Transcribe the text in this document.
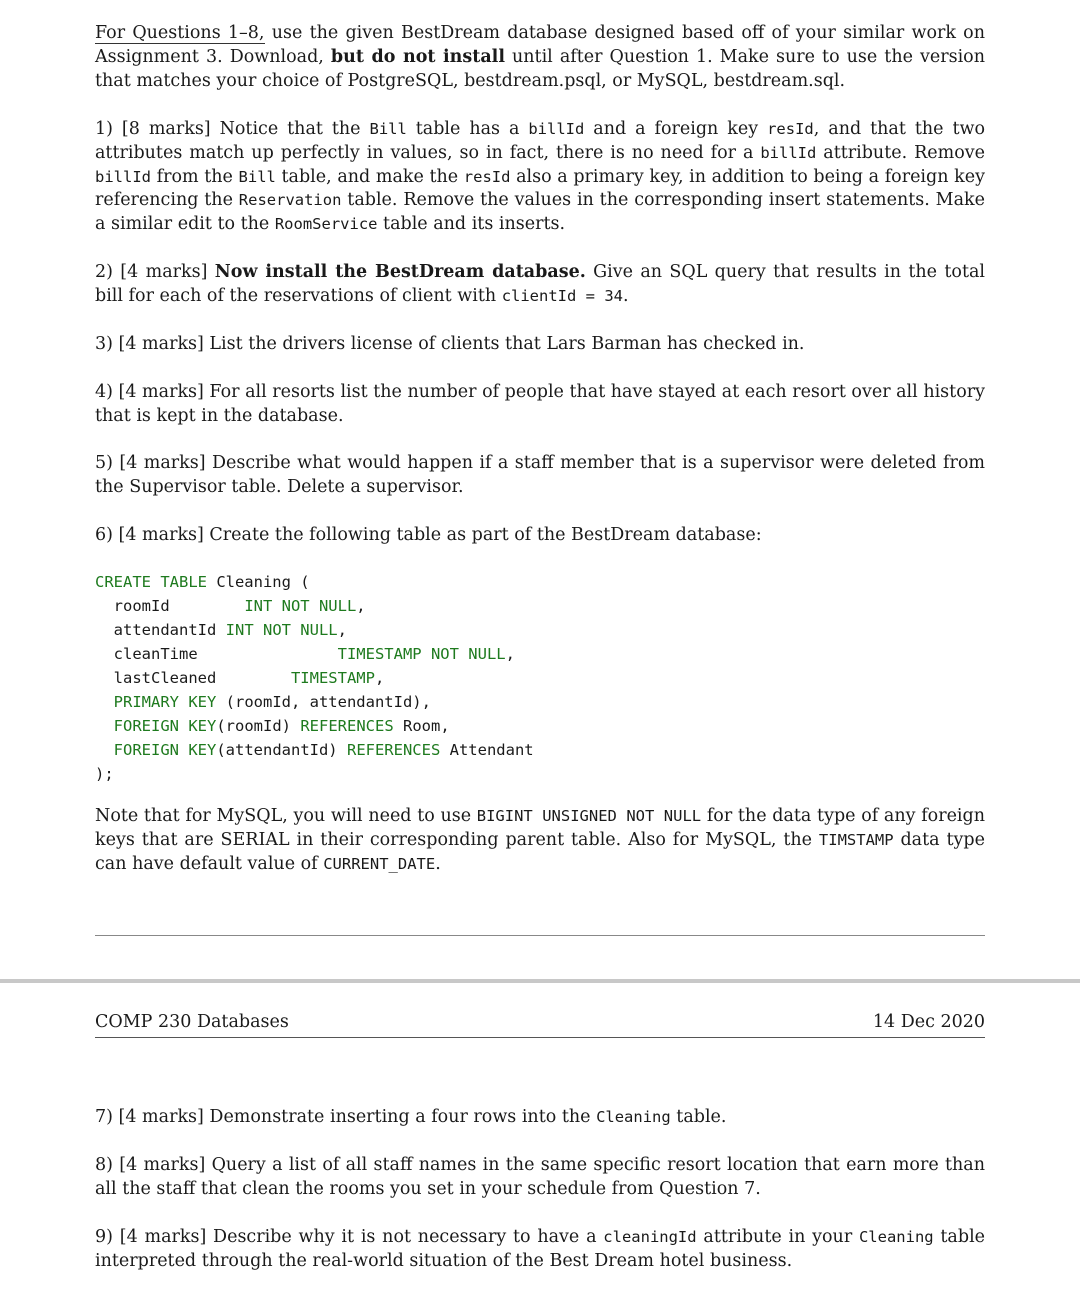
For Questions 1–8, use the given BestDream database designed based off of your similar work on Assignment 3. Download, but do not install until after Question 1. Make sure to use the version that matches your choice of PostgreSQL, bestdream.psql, or MySQL, bestdream.sql.

1) [8 marks] Notice that the Bill table has a billId and a foreign key resId, and that the two attributes match up perfectly in values, so in fact, there is no need for a billId attribute. Remove billId from the Bill table, and make the resId also a primary key, in addition to being a foreign key referencing the Reservation table. Remove the values in the corresponding insert statements. Make a similar edit to the RoomService table and its inserts.

2) [4 marks] Now install the BestDream database. Give an SQL query that results in the total bill for each of the reservations of client with clientId = 34.

3) [4 marks] List the drivers license of clients that Lars Barman has checked in.

4) [4 marks] For all resorts list the number of people that have stayed at each resort over all history that is kept in the database.

5) [4 marks] Describe what would happen if a staff member that is a supervisor were deleted from the Supervisor table. Delete a supervisor.

6) [4 marks] Create the following table as part of the BestDream database:

CREATE TABLE Cleaning (
roomId        INT NOT NULL,
attendantId INT NOT NULL,
cleanTime               TIMESTAMP NOT NULL,
lastCleaned        TIMESTAMP,
PRIMARY KEY (roomId, attendantId),
FOREIGN KEY(roomId) REFERENCES Room,
FOREIGN KEY(attendantId) REFERENCES Attendant
);

Note that for MySQL, you will need to use BIGINT UNSIGNED NOT NULL for the data type of any foreign keys that are SERIAL in their corresponding parent table. Also for MySQL, the TIMSTAMP data type can have default value of CURRENT_DATE.

COMP 230 Databases	14 Dec 2020

7) [4 marks] Demonstrate inserting a four rows into the Cleaning table.

8) [4 marks] Query a list of all staff names in the same specific resort location that earn more than all the staff that clean the rooms you set in your schedule from Question 7.

9) [4 marks] Describe why it is not necessary to have a cleaningId attribute in your Cleaning table interpreted through the real-world situation of the Best Dream hotel business.
